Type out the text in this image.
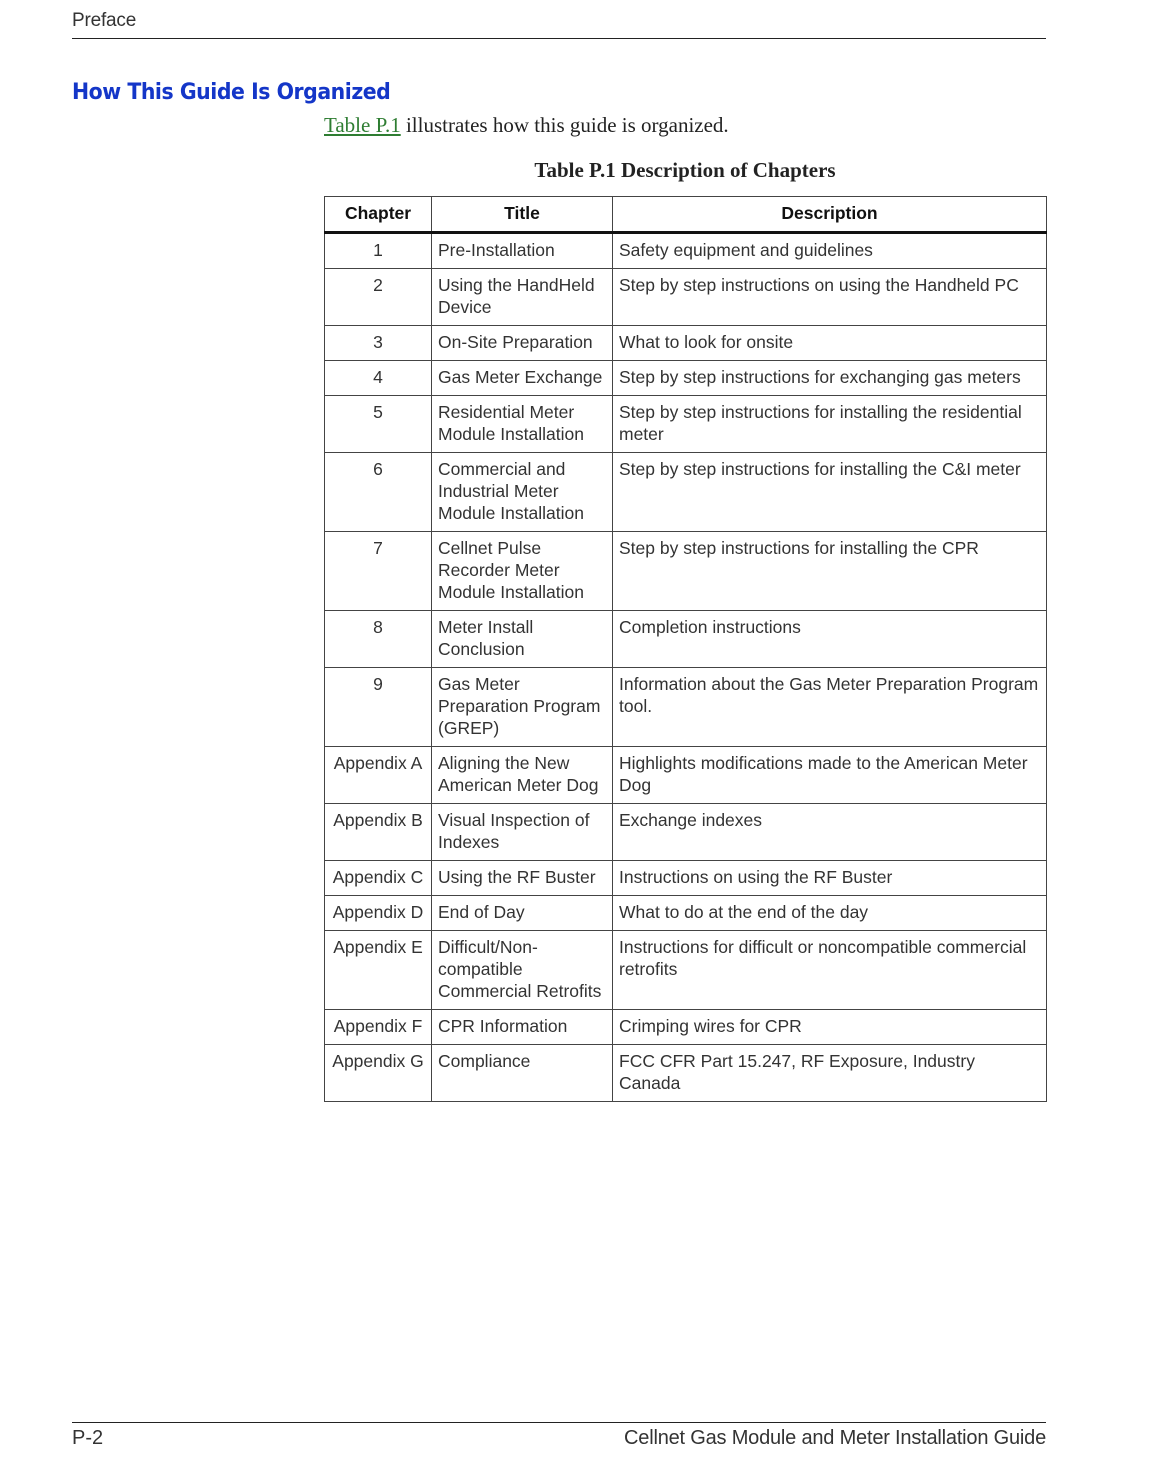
Preface
How This Guide Is Organized

Table P.1 illustrates how this guide is organized.

Table P.1 Description of Chapters

Chapter	Title	Description
1	Pre-Installation	Safety equipment and guidelines
2	Using the HandHeld Device	Step by step instructions on using the Handheld PC
3	On-Site Preparation	What to look for onsite
4	Gas Meter Exchange	Step by step instructions for exchanging gas meters
5	Residential Meter Module Installation	Step by step instructions for installing the residential meter
6	Commercial and Industrial Meter Module Installation	Step by step instructions for installing the C&I meter
7	Cellnet Pulse Recorder Meter Module Installation	Step by step instructions for installing the CPR
8	Meter Install Conclusion	Completion instructions
9	Gas Meter Preparation Program (GREP)	Information about the Gas Meter Preparation Program tool.
Appendix A	Aligning the New American Meter Dog	Highlights modifications made to the American Meter Dog
Appendix B	Visual Inspection of Indexes	Exchange indexes
Appendix C	Using the RF Buster	Instructions on using the RF Buster
Appendix D	End of Day	What to do at the end of the day
Appendix E	Difficult/Non-compatible Commercial Retrofits	Instructions for difficult or noncompatible commercial retrofits
Appendix F	CPR Information	Crimping wires for CPR
Appendix G	Compliance	FCC CFR Part 15.247, RF Exposure, Industry Canada
P-2	Cellnet Gas Module and Meter Installation Guide
